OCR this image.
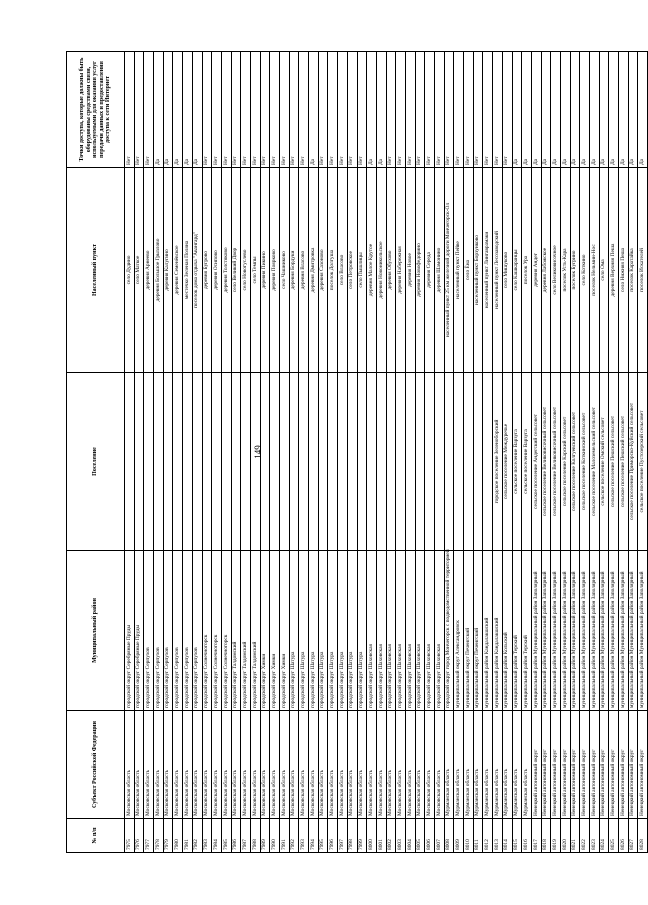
149
№ п/п	Субъект Российской Федерации	Муниципальный район	Поселение	Населенный пункт	Точки доступа, которые должны быть оборудованы средствами связи, используемыми для оказания услуг передачи данных и предоставления доступа к сети Интернет
7975	Московская область	городской округ Серебряные Пруды		село Дудино	Нет
7976	Московская область	городской округ Серебряные Пруды		село Маткое	Нет
7977	Московская область	городской округ Серпухов		деревня Арнеево	Нет
7978	Московская область	городской округ Серпухов		деревня Большое Грызлово	Да
7979	Московская область	городской округ Серпухов		деревня Калугино	Да
7980	Московская область	городской округ Серпухов		деревня Семенёвское	Да
7981	Московская область	городской округ Серпухов		местечко Зеленая Поляна	Да
7982	Московская область	городской округ Серпухов		поселок дома отдыха "Авангард"	Да
7983	Московская область	городской округ Солнечногорск		деревня Бугрово	Нет
7984	Московская область	городской округ Солнечногорск		деревня Осипово	Нет
7985	Московская область	городской округ Солнечногорск		деревня Толстяково	Нет
7986	Московская область	городской округ Талдомский		село Великий Двор	Нет
7987	Московская область	городской округ Талдомский		село Новогуслево	Нет
7988	Московская область	городской округ Талдомский		село Темпы	Нет
7989	Московская область	городской округ Химки		деревня Пикино	Нет
7990	Московская область	городской округ Химки		деревня Поярково	Нет
7991	Московская область	городской округ Химки		село Чашниково	Нет
7992	Московская область	городской округ Шатура		деревня Бордуки	Нет
7993	Московская область	городской округ Шатура		деревня Власово	Нет
7994	Московская область	городской округ Шатура		деревня Дмитровка	Да
7995	Московская область	городской округ Шатура		деревня Сазоново	Нет
7996	Московская область	городской округ Шатура		поселок Долгуша	Нет
7997	Московская область	городской округ Шатура		село Власово	Нет
7998	Московская область	городской округ Шатура		село Петровское	Нет
7999	Московская область	городской округ Шатура		село Пышлицы	Нет
8000	Московская область	городской округ Шаховская		деревня Малое Крутое	Да
8001	Московская область	городской округ Шаховская		деревня Новоникольское	Да
8002	Московская область	городской округ Шаховская		деревня Обухово	Нет
8003	Московская область	городской округ Шаховская		деревня Набережная	Нет
8004	Московская область	городской округ Шаховская		деревня Новое	Нет
8005	Московская область	городской округ Шаховская		деревня Новофедорино	Нет
8006	Московская область	городской округ Шаховская		деревня Середа	Нет
8007	Московская область	городской округ Шаховская		деревня Шамонино	Нет
8008	Мурманская область	городской округ город Мончегорск с подведомственной территорией		населенный пункт 25 км железной дороги Мончегорск-Ол	Нет
8009	Мурманская область	муниципальный округ Александровск		населенный пункт Пейве	Нет
8010	Мурманская область	муниципальный округ Печенгский		село Ёна	Нет
8011	Мурманская область	муниципальный округ Печенгский		населенный пункт Борзунково	Нет
8012	Мурманская область	муниципальный район Кандалакшский		населенный пункт Лингаврамаки	Нет
8013	Мурманская область	муниципальный район Кандалакшский	городское поселение Зеленоборский	населенный пункт Лесозаводский	Нет
8014	Мурманская область	муниципальный район Кольский	сельское поселение Междуречье	село Мишуково	Нет
8015	Мурманская область	муниципальный район Терский	сельское поселение Варзуга	село Кашкаранцы	Да
8016	Мурманская область	муниципальный район Терский	сельское поселение Варзуга	поселок Ура	Да
8017	Ненецкий автономный округ	муниципальный район Муниципальный район Заполярный	сельское поселение Андегский сельсовет	деревня Андег	Да
8018	Ненецкий автономный округ	муниципальный район Муниципальный район Заполярный	сельское поселение Великовисочный сельсовет	деревня Лабожское	Да
8019	Ненецкий автономный округ	муниципальный район Муниципальный район Заполярный	сельское поселение Великовисочный сельсовет	село Великовисочное	Да
8020	Ненецкий автономный округ	муниципальный район Муниципальный район Заполярный	сельское поселение Карский сельсовет	поселок Усть-Кара	Да
8021	Ненецкий автономный округ	муниципальный район Муниципальный район Заполярный	сельское поселение Колгуевский сельсовет	поселок Бугрино	Да
8022	Ненецкий автономный округ	муниципальный район Муниципальный район Заполярный	сельское поселение Коткинский сельсовет	село Коткино	Да
8023	Ненецкий автономный округ	муниципальный район Муниципальный район Заполярный	сельское поселение Малоземельский сельсовет	поселок Нельмин-Нос	Да
8024	Ненецкий автономный округ	муниципальный район Муниципальный район Заполярный	сельское поселение Омский сельсовет	село Ома	Да
8025	Ненецкий автономный округ	муниципальный район Муниципальный район Заполярный	сельское поселение Пешский сельсовет	деревня Верхняя Пеша	Да
8026	Ненецкий автономный округ	муниципальный район Муниципальный район Заполярный	сельское поселение Пешский сельсовет	село Нижняя Пеша	Да
8027	Ненецкий автономный округ	муниципальный район Муниципальный район Заполярный	сельское поселение Приморско-Куйский сельсовет	поселок Каратайка	Да
8028	Ненецкий автономный округ	муниципальный район Муниципальный район Заполярный	сельское поселение Пустозерский сельсовет	поселок Искателей	Да
